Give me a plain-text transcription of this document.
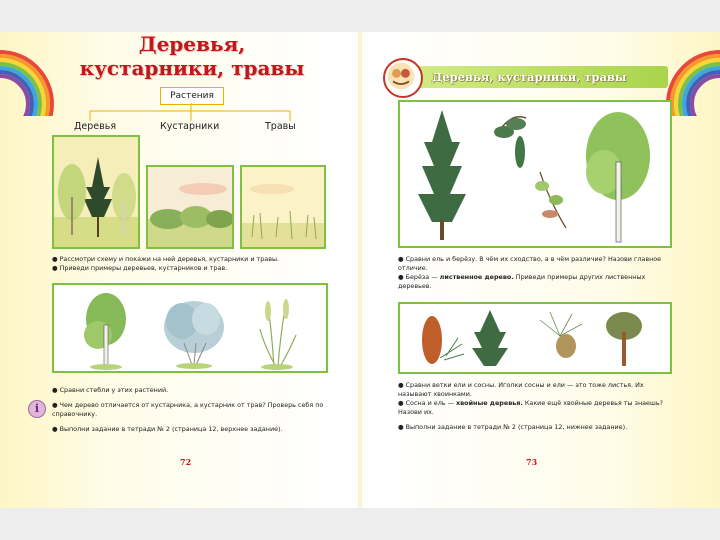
Деревья,
кустарники, травы
Растения
Деревья	Кустарники	Травы

● Рассмотри схему и покажи на ней деревья, кустарники и травы.

● Приведи примеры деревьев, кустарников и трав.

i

● Сравни стебли у этих растений.

● Чем дерево отличается от кустарника, а кустарник от трав? Проверь себя по справочнику.

● Выполни задание в тетради № 2 (страница 12, верхнее задание).

72
Деревья, кустарники, травы

● Сравни ель и берёзу. В чём их сходство, а в чём различие? Назови главное отличие.

● Берёза — лиственное дерево. Приведи примеры других лиственных деревьев.

● Сравни ветки ели и сосны. Иголки сосны и ели — это тоже листья. Их называют хвоинками.

● Сосна и ель — хвойные деревья. Какие ещё хвойные деревья ты знаешь? Назови их.

● Выполни задание в тетради № 2 (страница 12, нижнее задание).

73
